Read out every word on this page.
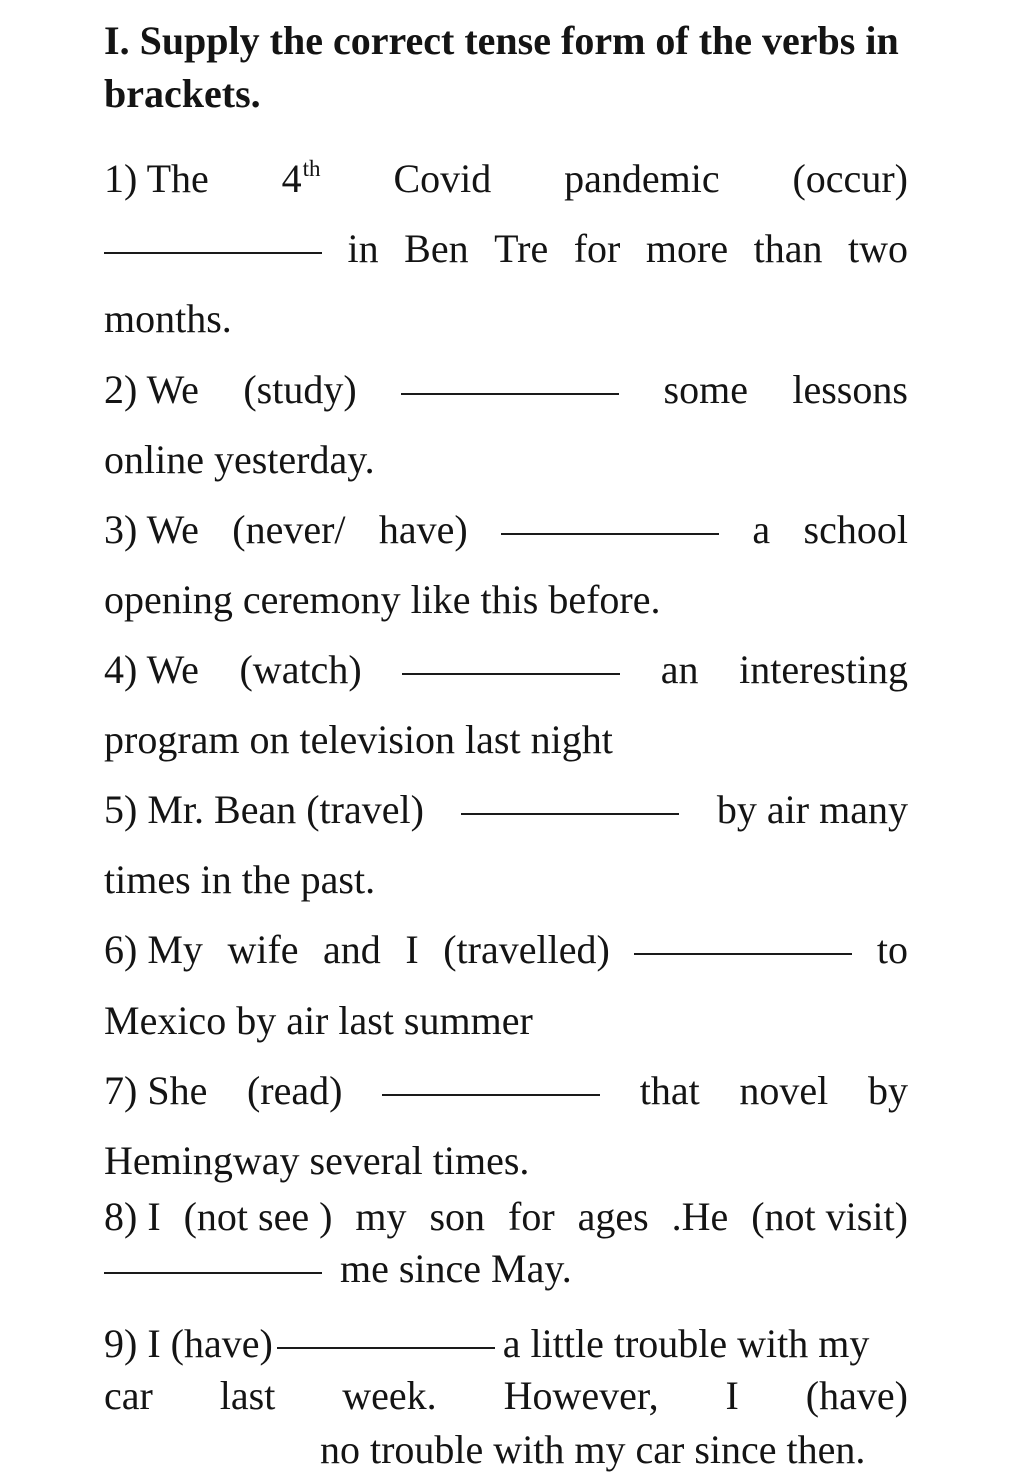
I. Supply the correct tense form of the verbs in brackets.
1) The 4th Covid pandemic (occur)
in Ben Tre for more than two
months.
2) We (study)	some lessons
online yesterday.
3) We (never/ have)	a school
opening ceremony like this before.
4) We (watch)	an interesting
program on television last night
5) Mr. Bean (travel)	by air many
times in the past.
6) My wife and I (travelled)	to
Mexico by air last summer
7) She (read)	that novel by
Hemingway several times.
8) I (not see ) my son for ages .He (not visit)
me since May.
9) I (have)	a little trouble with my
car last week. However, I (have)
no trouble with my car since then.
